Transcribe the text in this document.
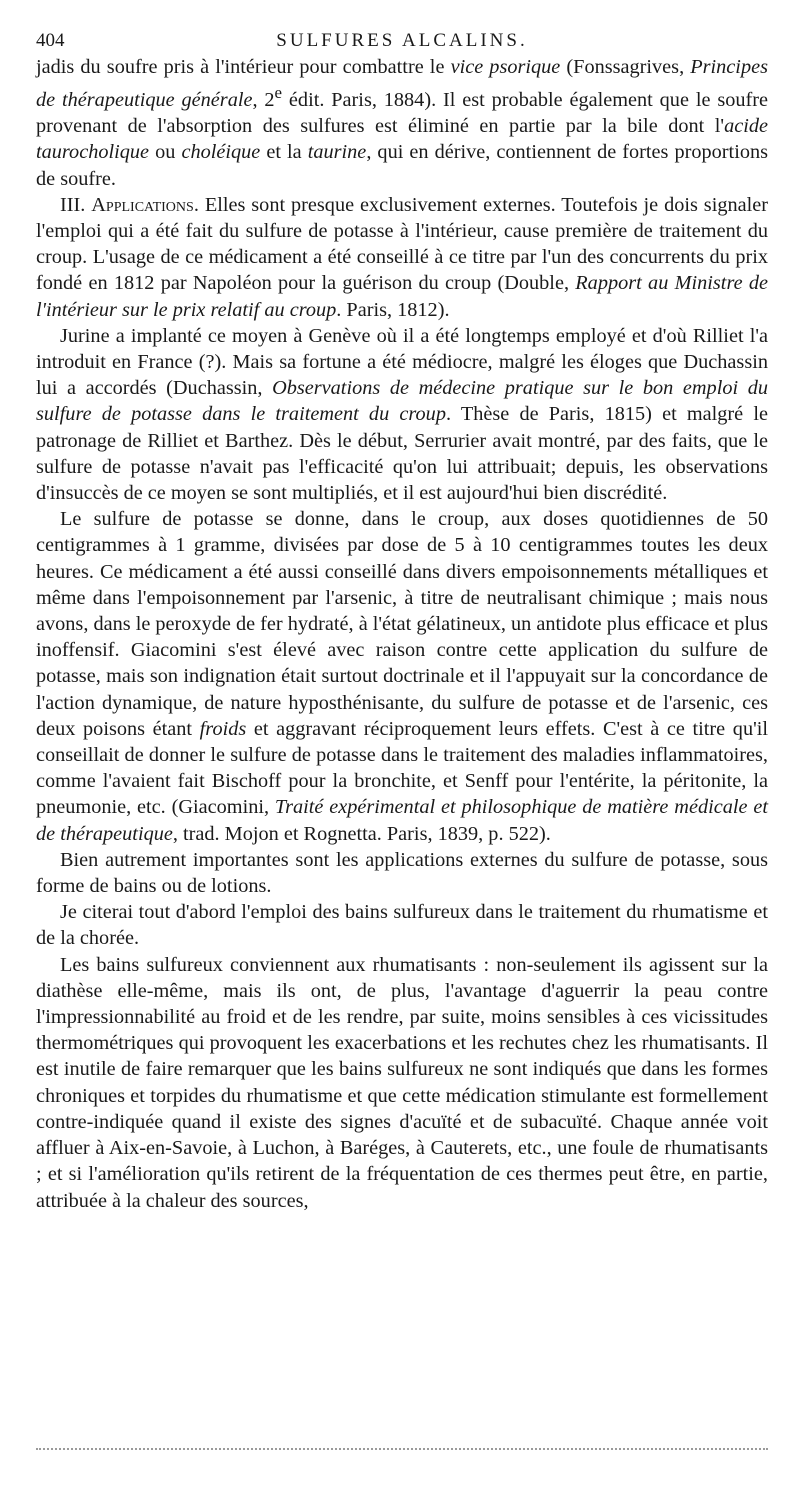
404	SULFURES ALCALINS.

jadis du soufre pris à l'intérieur pour combattre le vice psorique (Fonssagrives, Principes de thérapeutique générale, 2e édit. Paris, 1884). Il est probable également que le soufre provenant de l'absorption des sulfures est éliminé en partie par la bile dont l'acide taurocholique ou choléique et la taurine, qui en dérive, contiennent de fortes proportions de soufre.

III. Applications. Elles sont presque exclusivement externes. Toutefois je dois signaler l'emploi qui a été fait du sulfure de potasse à l'intérieur, cause première de traitement du croup. L'usage de ce médicament a été conseillé à ce titre par l'un des concurrents du prix fondé en 1812 par Napoléon pour la guérison du croup (Double, Rapport au Ministre de l'intérieur sur le prix relatif au croup. Paris, 1812).

Jurine a implanté ce moyen à Genève où il a été longtemps employé et d'où Rilliet l'a introduit en France (?). Mais sa fortune a été médiocre, malgré les éloges que Duchassin lui a accordés (Duchassin, Observations de médecine pratique sur le bon emploi du sulfure de potasse dans le traitement du croup. Thèse de Paris, 1815) et malgré le patronage de Rilliet et Barthez. Dès le début, Serrurier avait montré, par des faits, que le sulfure de potasse n'avait pas l'efficacité qu'on lui attribuait; depuis, les observations d'insuccès de ce moyen se sont multipliés, et il est aujourd'hui bien discrédité.

Le sulfure de potasse se donne, dans le croup, aux doses quotidiennes de 50 centigrammes à 1 gramme, divisées par dose de 5 à 10 centigrammes toutes les deux heures. Ce médicament a été aussi conseillé dans divers empoisonnements métalliques et même dans l'empoisonnement par l'arsenic, à titre de neutralisant chimique ; mais nous avons, dans le peroxyde de fer hydraté, à l'état gélatineux, un antidote plus efficace et plus inoffensif. Giacomini s'est élevé avec raison contre cette application du sulfure de potasse, mais son indignation était surtout doctrinale et il l'appuyait sur la concordance de l'action dynamique, de nature hyposthénisante, du sulfure de potasse et de l'arsenic, ces deux poisons étant froids et aggravant réciproquement leurs effets. C'est à ce titre qu'il conseillait de donner le sulfure de potasse dans le traitement des maladies inflammatoires, comme l'avaient fait Bischoff pour la bronchite, et Senff pour l'entérite, la péritonite, la pneumonie, etc. (Giacomini, Traité expérimental et philosophique de matière médicale et de thérapeutique, trad. Mojon et Rognetta. Paris, 1839, p. 522).

Bien autrement importantes sont les applications externes du sulfure de potasse, sous forme de bains ou de lotions.

Je citerai tout d'abord l'emploi des bains sulfureux dans le traitement du rhumatisme et de la chorée.

Les bains sulfureux conviennent aux rhumatisants : non-seulement ils agissent sur la diathèse elle-même, mais ils ont, de plus, l'avantage d'aguerrir la peau contre l'impressionnabilité au froid et de les rendre, par suite, moins sensibles à ces vicissitudes thermométriques qui provoquent les exacerbations et les rechutes chez les rhumatisants. Il est inutile de faire remarquer que les bains sulfureux ne sont indiqués que dans les formes chroniques et torpides du rhumatisme et que cette médication stimulante est formellement contre-indiquée quand il existe des signes d'acuïté et de subacuïté. Chaque année voit affluer à Aix-en-Savoie, à Luchon, à Baréges, à Cauterets, etc., une foule de rhumatisants ; et si l'amélioration qu'ils retirent de la fréquentation de ces thermes peut être, en partie, attribuée à la chaleur des sources,
